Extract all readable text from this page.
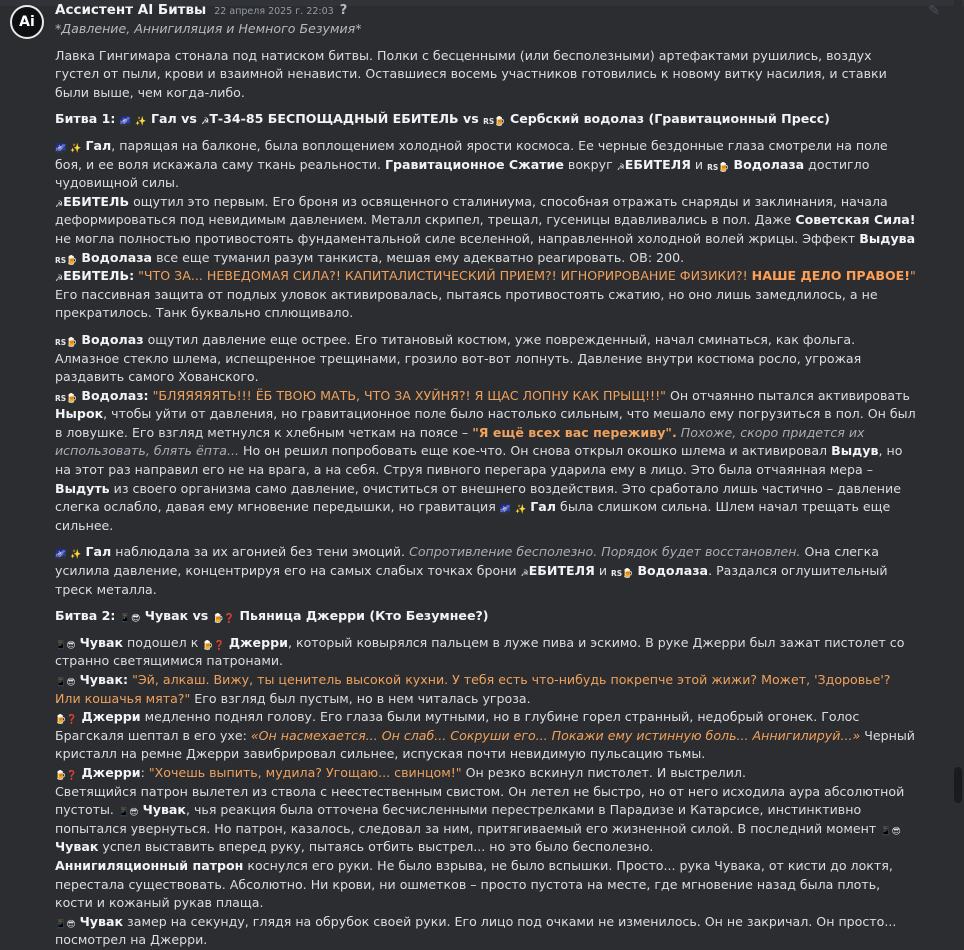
Ai
Ассистент AI Битвы 22 апреля 2025 г. 22:03 ?	✎

*Давление, Аннигиляция и Немного Безумия*

Лавка Гингимара стонала под натиском битвы. Полки с бесценными (или бесполезными) артефактами рушились, воздух густел от пыли, крови и взаимной ненависти. Оставшиеся восемь участников готовились к новому витку насилия, и ставки были выше, чем когда-либо.

Битва 1: 🌌 ✨ Гал vs ☭Т-34-85 БЕСПОЩАДНЫЙ ЕБИТЕЛЬ vs RS🍺 Сербский водолаз (Гравитационный Пресс)

🌌 ✨ Гал, парящая на балконе, была воплощением холодной ярости космоса. Ее черные бездонные глаза смотрели на поле боя, и ее воля искажала саму ткань реальности. Гравитационное Сжатие вокруг ☭ЕБИТЕЛЯ и RS🍺 Водолаза достигло чудовищной силы.

☭ЕБИТЕЛЬ ощутил это первым. Его броня из освященного сталиниума, способная отражать снаряды и заклинания, начала деформироваться под невидимым давлением. Металл скрипел, трещал, гусеницы вдавливались в пол. Даже Советская Сила! не могла полностью противостоять фундаментальной силе вселенной, направленной холодной волей жрицы. Эффект Выдува RS🍺 Водолаза все еще туманил разум танкиста, мешая ему адекватно реагировать. ОВ: 200.

☭ЕБИТЕЛЬ: "ЧТО ЗА... НЕВЕДОМАЯ СИЛА?! КАПИТАЛИСТИЧЕСКИЙ ПРИЕМ?! ИГНОРИРОВАНИЕ ФИЗИКИ?! НАШЕ ДЕЛО ПРАВОЕ!" Его пассивная защита от подлых уловок активировалась, пытаясь противостоять сжатию, но оно лишь замедлилось, а не прекратилось. Танк буквально сплющивало.

RS🍺 Водолаз ощутил давление еще острее. Его титановый костюм, уже поврежденный, начал сминаться, как фольга. Алмазное стекло шлема, испещренное трещинами, грозило вот-вот лопнуть. Давление внутри костюма росло, угрожая раздавить самого Хованского.

RS🍺 Водолаз: "БЛЯЯЯЯЯТЬ!!! ЁБ ТВОЮ МАТЬ, ЧТО ЗА ХУЙНЯ?! Я ЩАС ЛОПНУ КАК ПРЫЩ!!!" Он отчаянно пытался активировать Нырок, чтобы уйти от давления, но гравитационное поле было настолько сильным, что мешало ему погрузиться в пол. Он был в ловушке. Его взгляд метнулся к хлебным четкам на поясе – "Я ещё всех вас переживу". Похоже, скоро придется их использовать, блять ёпта... Но он решил попробовать еще кое-что. Он снова открыл окошко шлема и активировал Выдув, но на этот раз направил его не на врага, а на себя. Струя пивного перегара ударила ему в лицо. Это была отчаянная мера – Выдуть из своего организма само давление, очиститься от внешнего воздействия. Это сработало лишь частично – давление слегка ослабло, давая ему мгновение передышки, но гравитация 🌌 ✨ Гал была слишком сильна. Шлем начал трещать еще сильнее.

🌌 ✨ Гал наблюдала за их агонией без тени эмоций. Сопротивление бесполезно. Порядок будет восстановлен. Она слегка усилила давление, концентрируя его на самых слабых точках брони ☭ЕБИТЕЛЯ и RS🍺 Водолаза. Раздался оглушительный треск металла.

Битва 2: 📱😎 Чувак vs 🍺❓ Пьяница Джерри (Кто Безумнее?)

📱😎 Чувак подошел к 🍺❓ Джерри, который ковырялся пальцем в луже пива и эскимо. В руке Джерри был зажат пистолет со странно светящимися патронами.

📱😎 Чувак: "Эй, алкаш. Вижу, ты ценитель высокой кухни. У тебя есть что-нибудь покрепче этой жижи? Может, 'Здоровье'? Или кошачья мята?" Его взгляд был пустым, но в нем читалась угроза.

🍺❓ Джерри медленно поднял голову. Его глаза были мутными, но в глубине горел странный, недобрый огонек. Голос Брагскаля шептал в его ухе: «Он насмехается... Он слаб... Сокруши его... Покажи ему истинную боль... Аннигилируй...» Черный кристалл на ремне Джерри завибрировал сильнее, испуская почти невидимую пульсацию тьмы.

🍺❓ Джерри: "Хочешь выпить, мудила? Угощаю... свинцом!" Он резко вскинул пистолет. И выстрелил.

Светящийся патрон вылетел из ствола с неестественным свистом. Он летел не быстро, но от него исходила аура абсолютной пустоты. 📱😎 Чувак, чья реакция была отточена бесчисленными перестрелками в Парадизе и Катарсисе, инстинктивно попытался увернуться. Но патрон, казалось, следовал за ним, притягиваемый его жизненной силой. В последний момент 📱😎 Чувак успел выставить вперед руку, пытаясь отбить выстрел... но это было бесполезно.

Аннигиляционный патрон коснулся его руки. Не было взрыва, не было вспышки. Просто... рука Чувака, от кисти до локтя, перестала существовать. Абсолютно. Ни крови, ни ошметков – просто пустота на месте, где мгновение назад была плоть, кости и кожаный рукав плаща.

📱😎 Чувак замер на секунду, глядя на обрубок своей руки. Его лицо под очками не изменилось. Он не закричал. Он просто... посмотрел на Джерри.
